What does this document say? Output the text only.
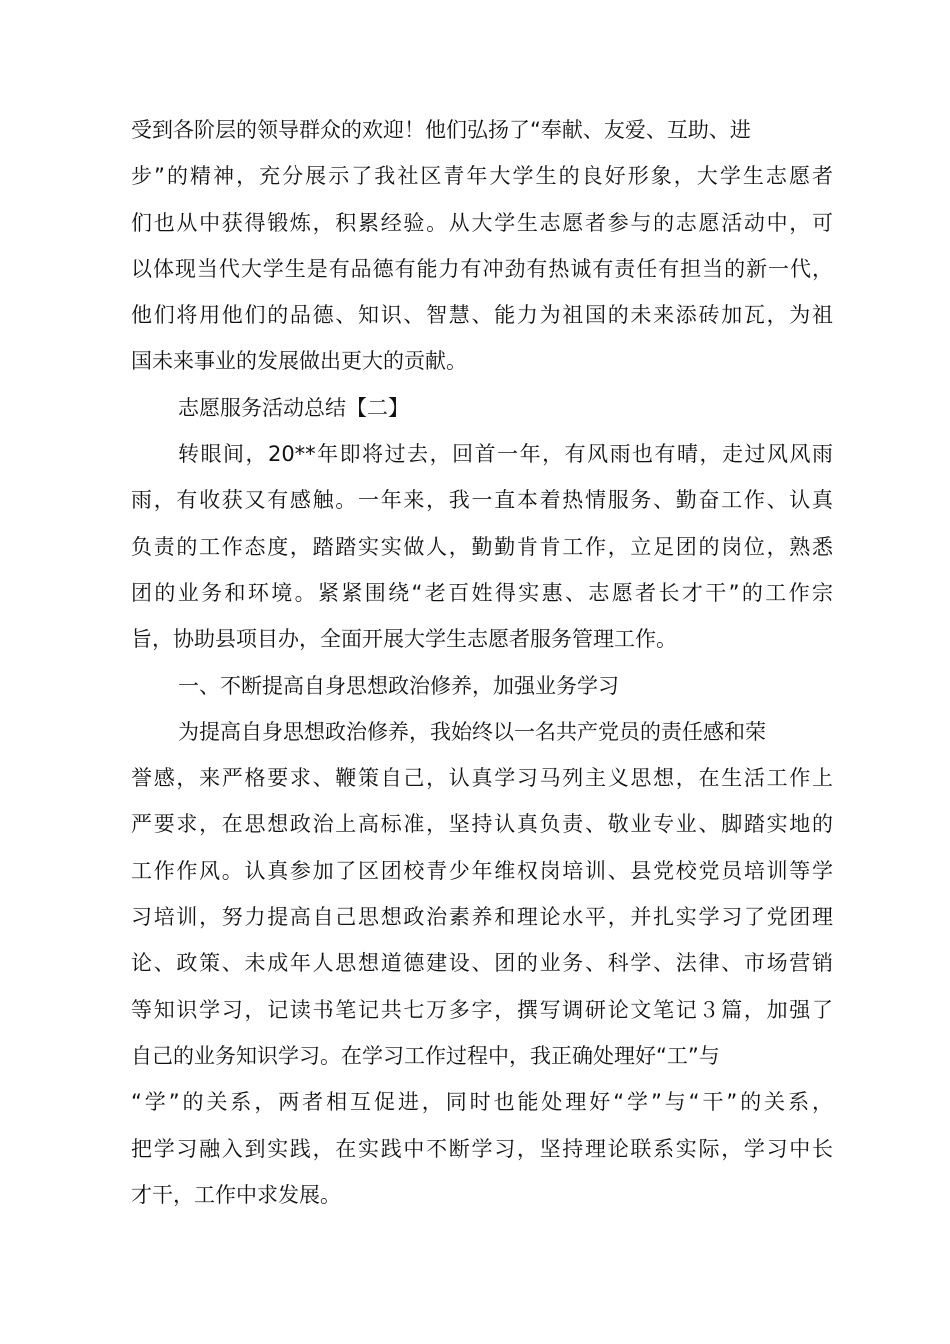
受到各阶层的领导群众的欢迎！他们弘扬了“奉献、友爱、互助、进
步”的精神，充分展示了我社区青年大学生的良好形象，大学生志愿者
们也从中获得锻炼，积累经验。从大学生志愿者参与的志愿活动中，可
以体现当代大学生是有品德有能力有冲劲有热诚有责任有担当的新一代，
他们将用他们的品德、知识、智慧、能力为祖国的未来添砖加瓦，为祖
国未来事业的发展做出更大的贡献。
志愿服务活动总结【二】
转眼间，20**年即将过去，回首一年，有风雨也有晴，走过风风雨
雨，有收获又有感触。一年来，我一直本着热情服务、勤奋工作、认真
负责的工作态度，踏踏实实做人，勤勤肯肯工作，立足团的岗位，熟悉
团的业务和环境。紧紧围绕“老百姓得实惠、志愿者长才干”的工作宗
旨，协助县项目办，全面开展大学生志愿者服务管理工作。
一、不断提高自身思想政治修养，加强业务学习
为提高自身思想政治修养，我始终以一名共产党员的责任感和荣
誉感，来严格要求、鞭策自己，认真学习马列主义思想，在生活工作上
严要求，在思想政治上高标准，坚持认真负责、敬业专业、脚踏实地的
工作作风。认真参加了区团校青少年维权岗培训、县党校党员培训等学
习培训，努力提高自己思想政治素养和理论水平，并扎实学习了党团理
论、政策、未成年人思想道德建设、团的业务、科学、法律、市场营销
等知识学习，记读书笔记共七万多字，撰写调研论文笔记３篇，加强了
自己的业务知识学习。在学习工作过程中，我正确处理好“工”与
“学”的关系，两者相互促进，同时也能处理好“学”与“干”的关系，
把学习融入到实践，在实践中不断学习，坚持理论联系实际，学习中长
才干，工作中求发展。
